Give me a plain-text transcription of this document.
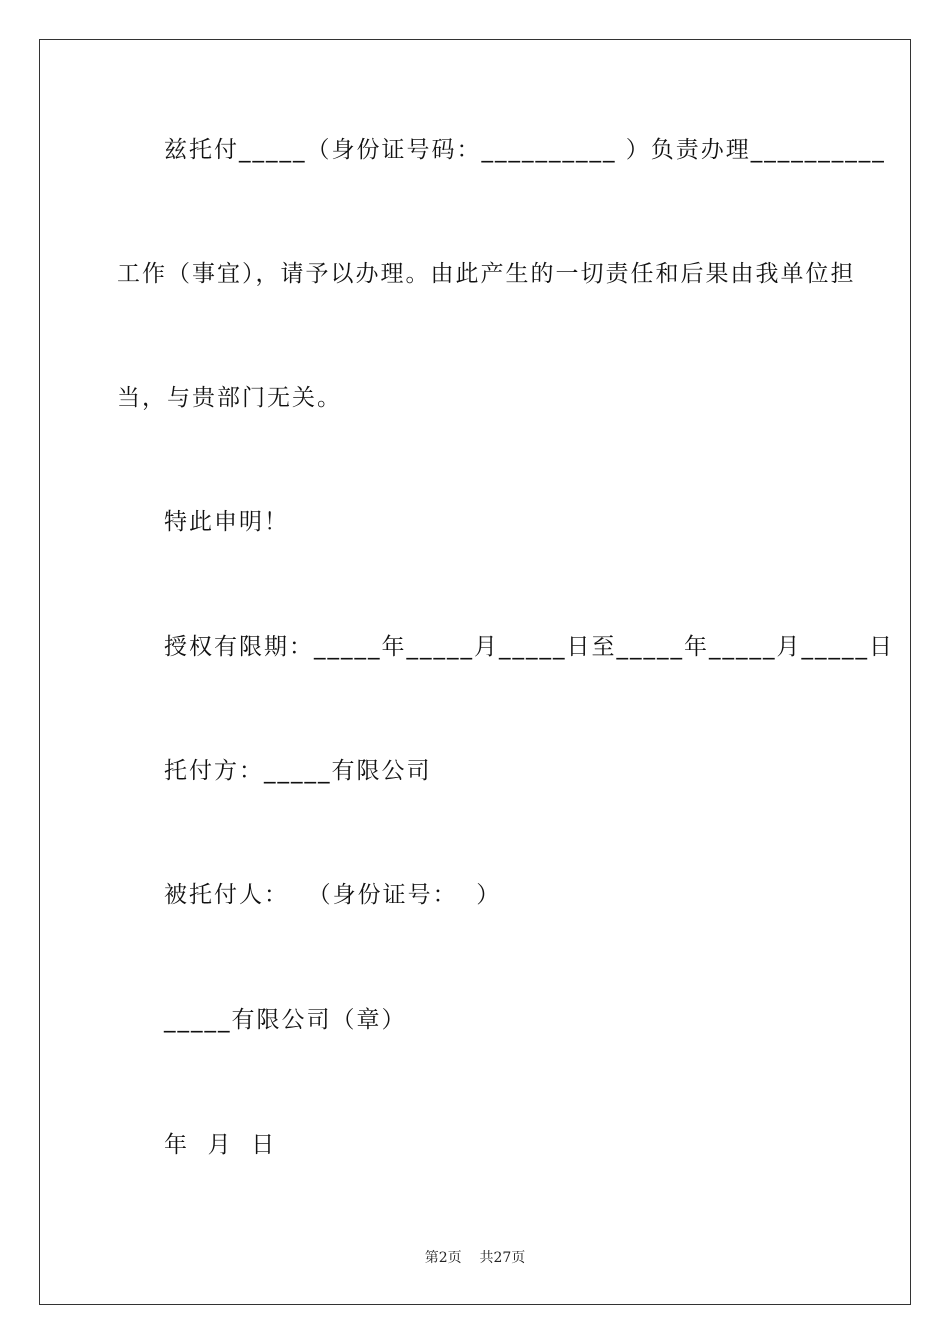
兹托付_____（身份证号码：__________ ）负责办理__________
工作（事宜），请予以办理。由此产生的一切责任和后果由我单位担
当，与贵部门无关。
特此申明！
授权有限期：_____年_____月_____日至_____年_____月_____日
托付方：_____有限公司
被托付人：  （身份证号：  ）
_____有限公司（章）
年  月  日
第2页    共27页
